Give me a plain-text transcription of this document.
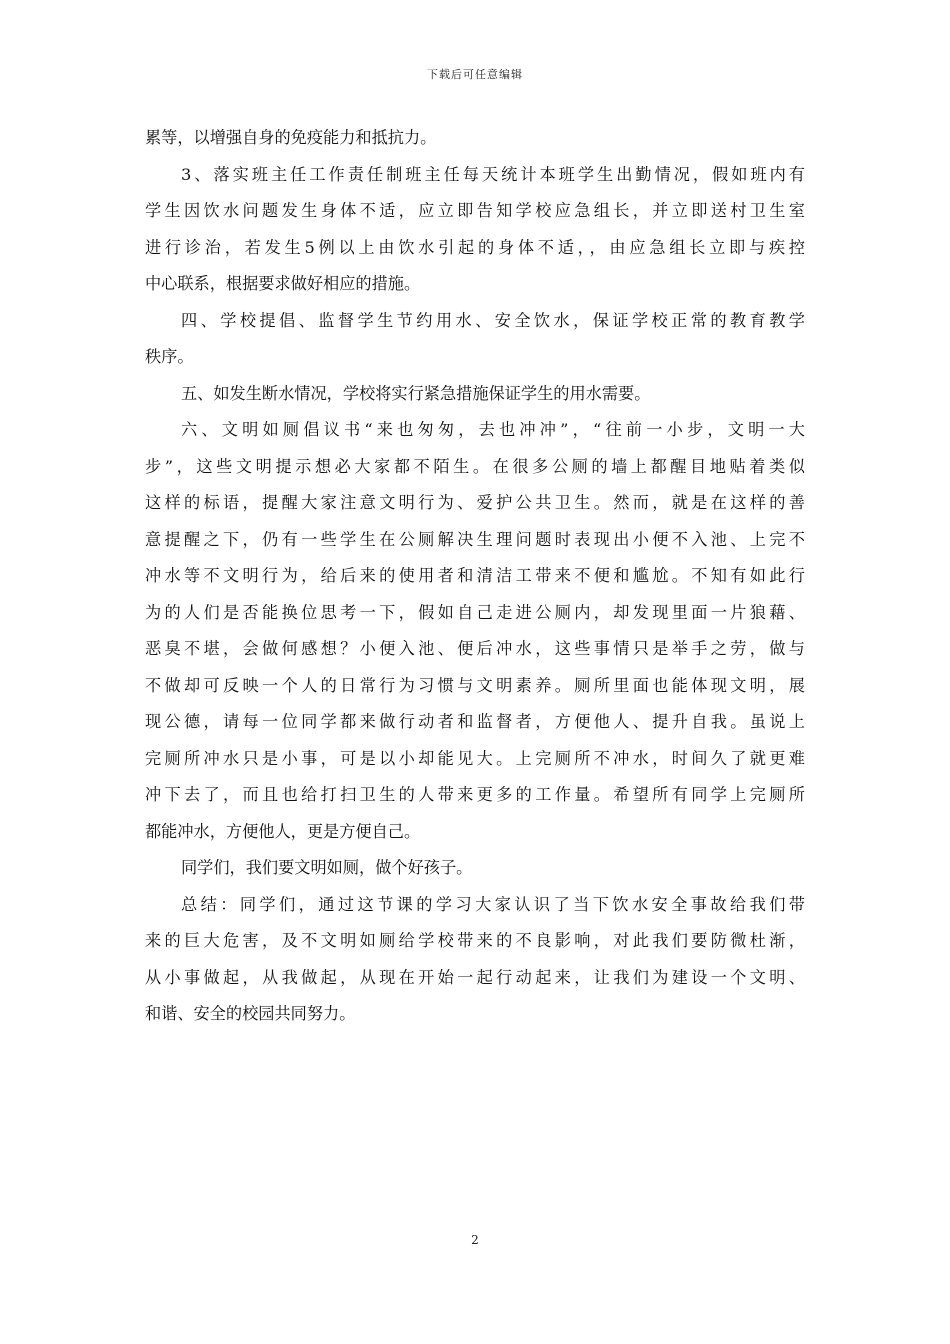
下载后可任意编辑
累等，以增强自身的免疫能力和抵抗力。
3、落实班主任工作责任制班主任每天统计本班学生出勤情况，假如班内有
学生因饮水问题发生身体不适，应立即告知学校应急组长，并立即送村卫生室
进行诊治，若发生5例以上由饮水引起的身体不适，，由应急组长立即与疾控
中心联系，根据要求做好相应的措施。
四、学校提倡、监督学生节约用水、安全饮水，保证学校正常的教育教学
秩序。
五、如发生断水情况，学校将实行紧急措施保证学生的用水需要。
六、文明如厕倡议书“来也匆匆，去也冲冲”，“往前一小步，文明一大
步”，这些文明提示想必大家都不陌生。在很多公厕的墙上都醒目地贴着类似
这样的标语，提醒大家注意文明行为、爱护公共卫生。然而，就是在这样的善
意提醒之下，仍有一些学生在公厕解决生理问题时表现出小便不入池、上完不
冲水等不文明行为，给后来的使用者和清洁工带来不便和尴尬。不知有如此行
为的人们是否能换位思考一下，假如自己走进公厕内，却发现里面一片狼藉、
恶臭不堪，会做何感想？小便入池、便后冲水，这些事情只是举手之劳，做与
不做却可反映一个人的日常行为习惯与文明素养。厕所里面也能体现文明，展
现公德，请每一位同学都来做行动者和监督者，方便他人、提升自我。虽说上
完厕所冲水只是小事，可是以小却能见大。上完厕所不冲水，时间久了就更难
冲下去了，而且也给打扫卫生的人带来更多的工作量。希望所有同学上完厕所
都能冲水，方便他人，更是方便自己。
同学们，我们要文明如厕，做个好孩子。
总结：同学们，通过这节课的学习大家认识了当下饮水安全事故给我们带
来的巨大危害，及不文明如厕给学校带来的不良影响，对此我们要防微杜渐，
从小事做起，从我做起，从现在开始一起行动起来，让我们为建设一个文明、
和谐、安全的校园共同努力。
2
